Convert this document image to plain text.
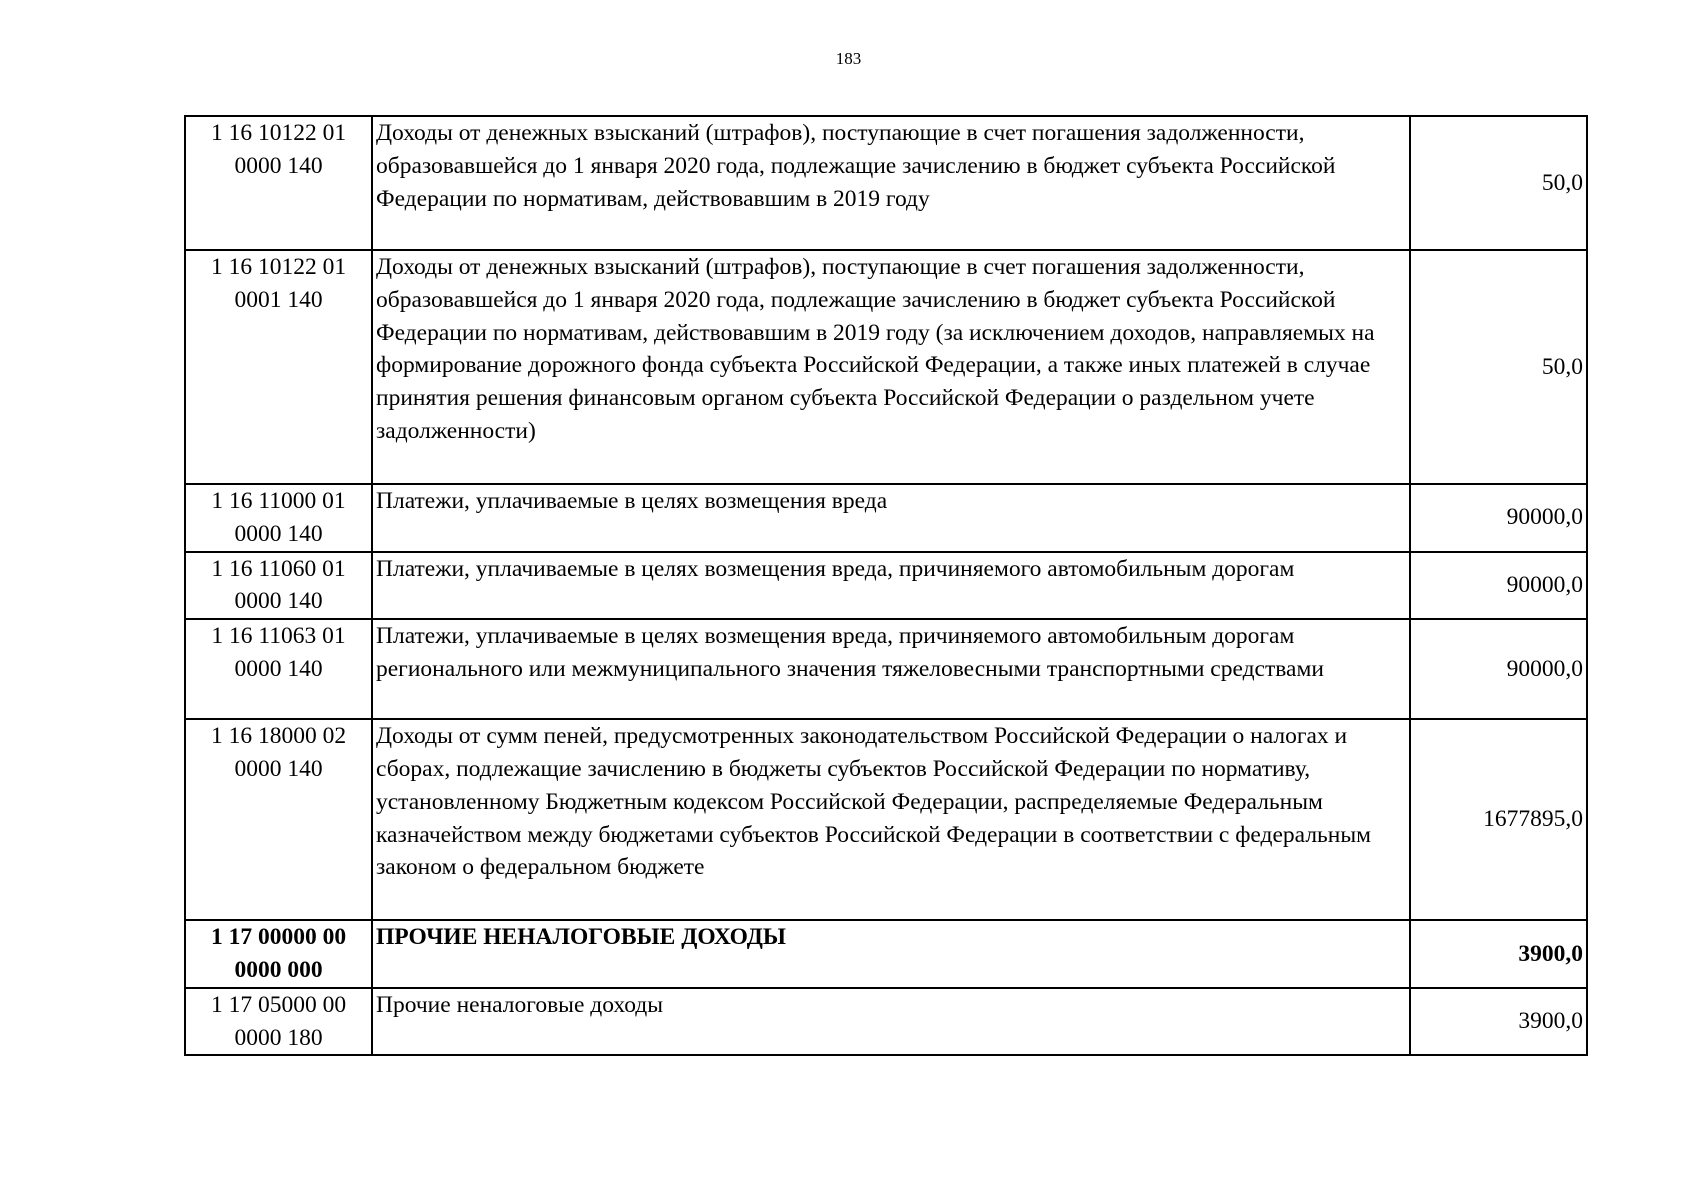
183
1 16 10122 01
0000 140	Доходы от денежных взысканий (штрафов), поступающие в счет погашения задолженности, образовавшейся до 1 января 2020 года, подлежащие зачислению в бюджет субъекта Российской Федерации по нормативам, действовавшим в 2019 году	50,0
1 16 10122 01
0001 140	Доходы от денежных взысканий (штрафов), поступающие в счет погашения задолженности, образовавшейся до 1 января 2020 года, подлежащие зачислению в бюджет субъекта Российской Федерации по нормативам, действовавшим в 2019 году (за исключением доходов, направляемых на формирование дорожного фонда субъекта Российской Федерации, а также иных платежей в случае принятия решения финансовым органом субъекта Российской Федерации о раздельном учете задолженности)	50,0
1 16 11000 01
0000 140	Платежи, уплачиваемые в целях возмещения вреда	90000,0
1 16 11060 01
0000 140	Платежи, уплачиваемые в целях возмещения вреда, причиняемого автомобильным дорогам	90000,0
1 16 11063 01
0000 140	Платежи, уплачиваемые в целях возмещения вреда, причиняемого автомобильным дорогам регионального или межмуниципального значения тяжеловесными транспортными средствами	90000,0
1 16 18000 02
0000 140	Доходы от сумм пеней, предусмотренных законодательством Российской Федерации о налогах и сборах, подлежащие зачислению в бюджеты субъектов Российской Федерации по нормативу, установленному Бюджетным кодексом Российской Федерации, распределяемые Федеральным казначейством между бюджетами субъектов Российской Федерации в соответствии с федеральным законом о федеральном бюджете	1677895,0
1 17 00000 00
0000 000	ПРОЧИЕ НЕНАЛОГОВЫЕ ДОХОДЫ	3900,0
1 17 05000 00
0000 180	Прочие неналоговые доходы	3900,0
